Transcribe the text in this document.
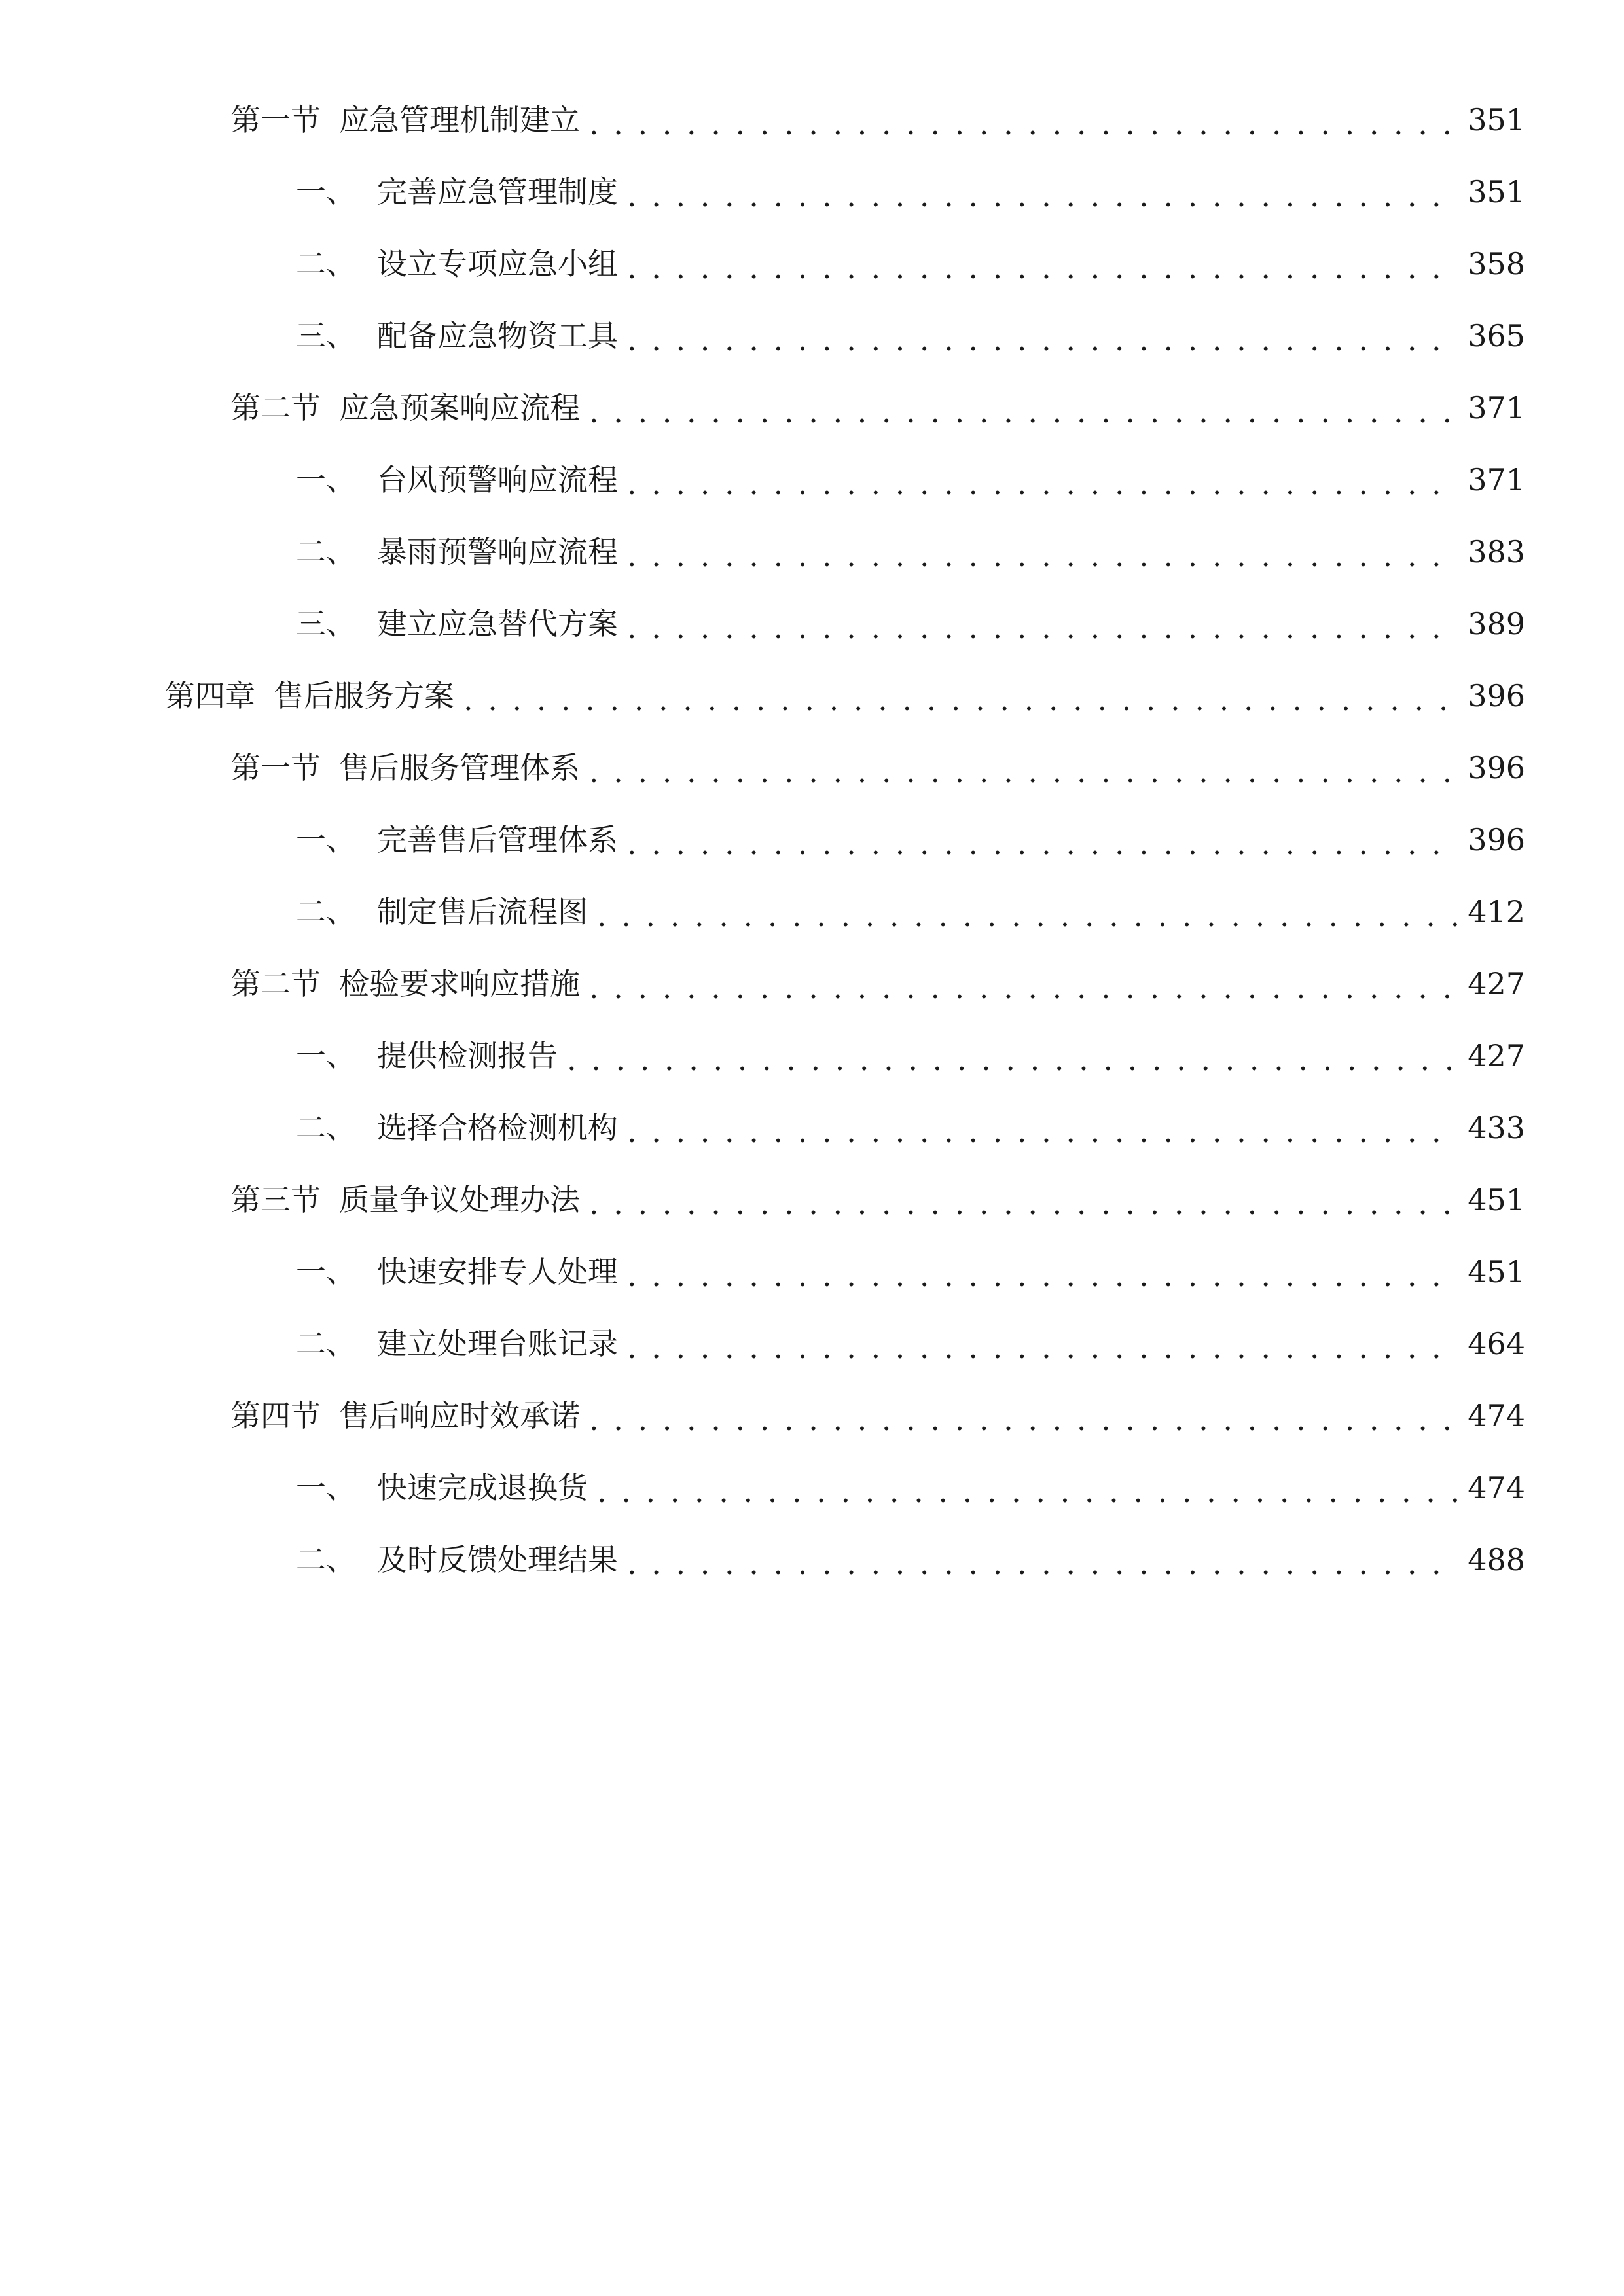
第一节 应急管理机制建立 . . .	351
一、 完善应急管理制度 . . .	351
二、 设立专项应急小组 . . .	358
三、 配备应急物资工具 . . .	365
第二节 应急预案响应流程 . . .	371
一、 台风预警响应流程 . . .	371
二、 暴雨预警响应流程 . . .	383
三、 建立应急替代方案 . . .	389
第四章 售后服务方案 . . .	396
第一节 售后服务管理体系 . . .	396
一、 完善售后管理体系 . . .	396
二、 制定售后流程图 . . .	412
第二节 检验要求响应措施 . . .	427
一、 提供检测报告 . . .	427
二、 选择合格检测机构 . . .	433
第三节 质量争议处理办法 . . .	451
一、 快速安排专人处理 . . .	451
二、 建立处理台账记录 . . .	464
第四节 售后响应时效承诺 . . .	474
一、 快速完成退换货 . . .	474
二、 及时反馈处理结果 . . .	488
